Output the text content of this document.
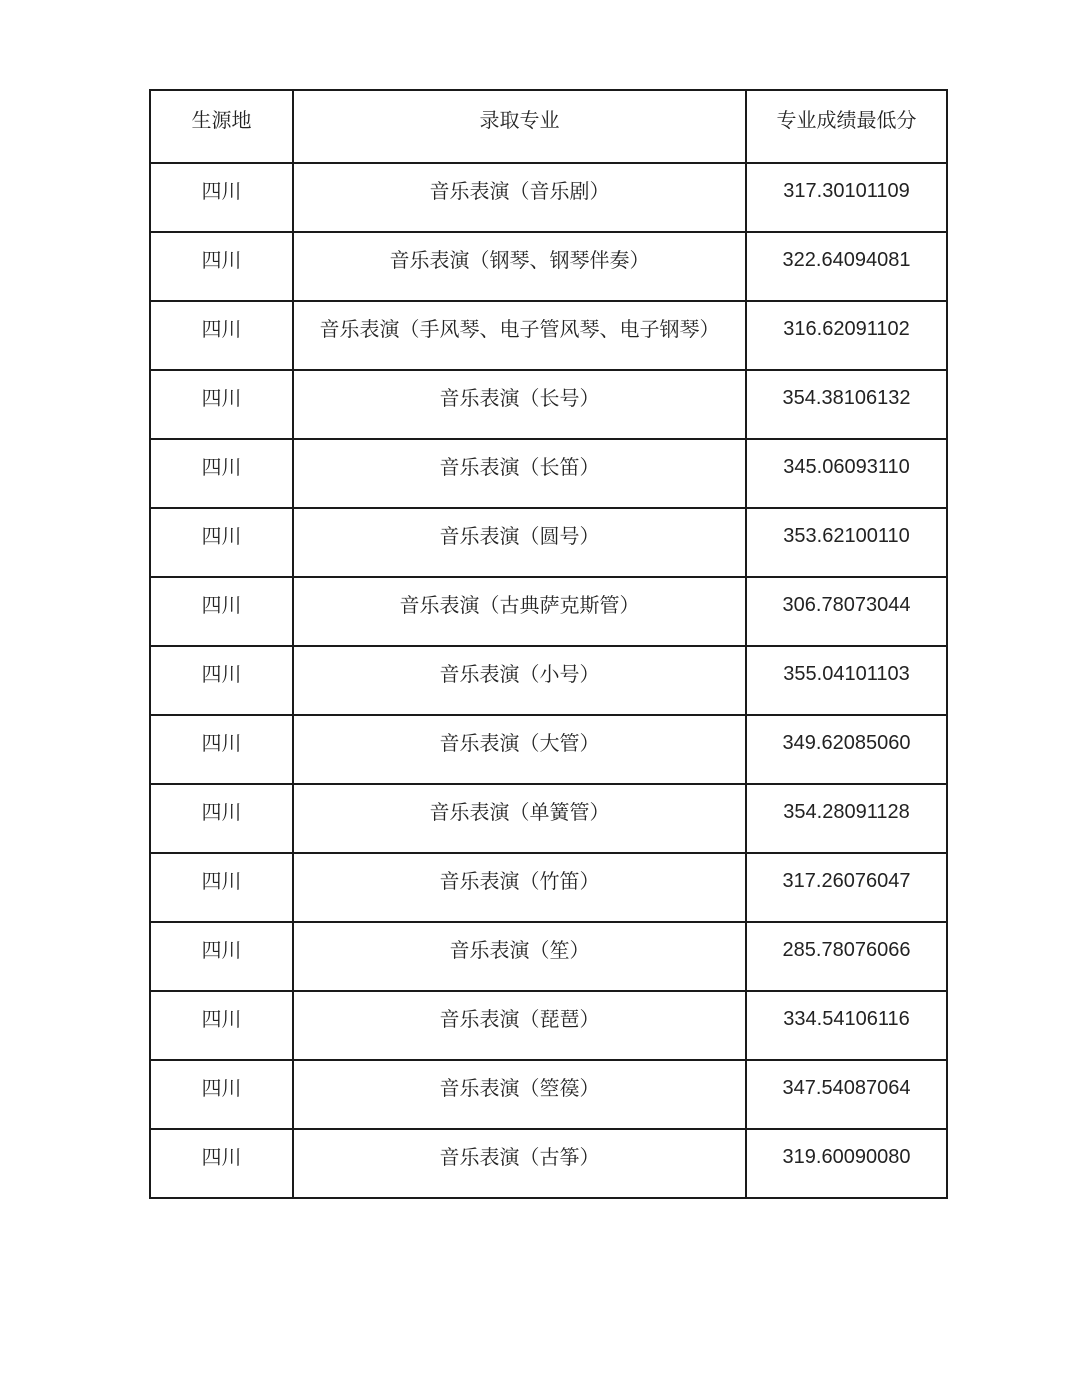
生源地	录取专业	专业成绩最低分
四川	音乐表演（音乐剧）	317.30101109
四川	音乐表演（钢琴、钢琴伴奏）	322.64094081
四川	音乐表演（手风琴、电子管风琴、电子钢琴）	316.62091102
四川	音乐表演（长号）	354.38106132
四川	音乐表演（长笛）	345.06093110
四川	音乐表演（圆号）	353.62100110
四川	音乐表演（古典萨克斯管）	306.78073044
四川	音乐表演（小号）	355.04101103
四川	音乐表演（大管）	349.62085060
四川	音乐表演（单簧管）	354.28091128
四川	音乐表演（竹笛）	317.26076047
四川	音乐表演（笙）	285.78076066
四川	音乐表演（琵琶）	334.54106116
四川	音乐表演（箜篌）	347.54087064
四川	音乐表演（古筝）	319.60090080
